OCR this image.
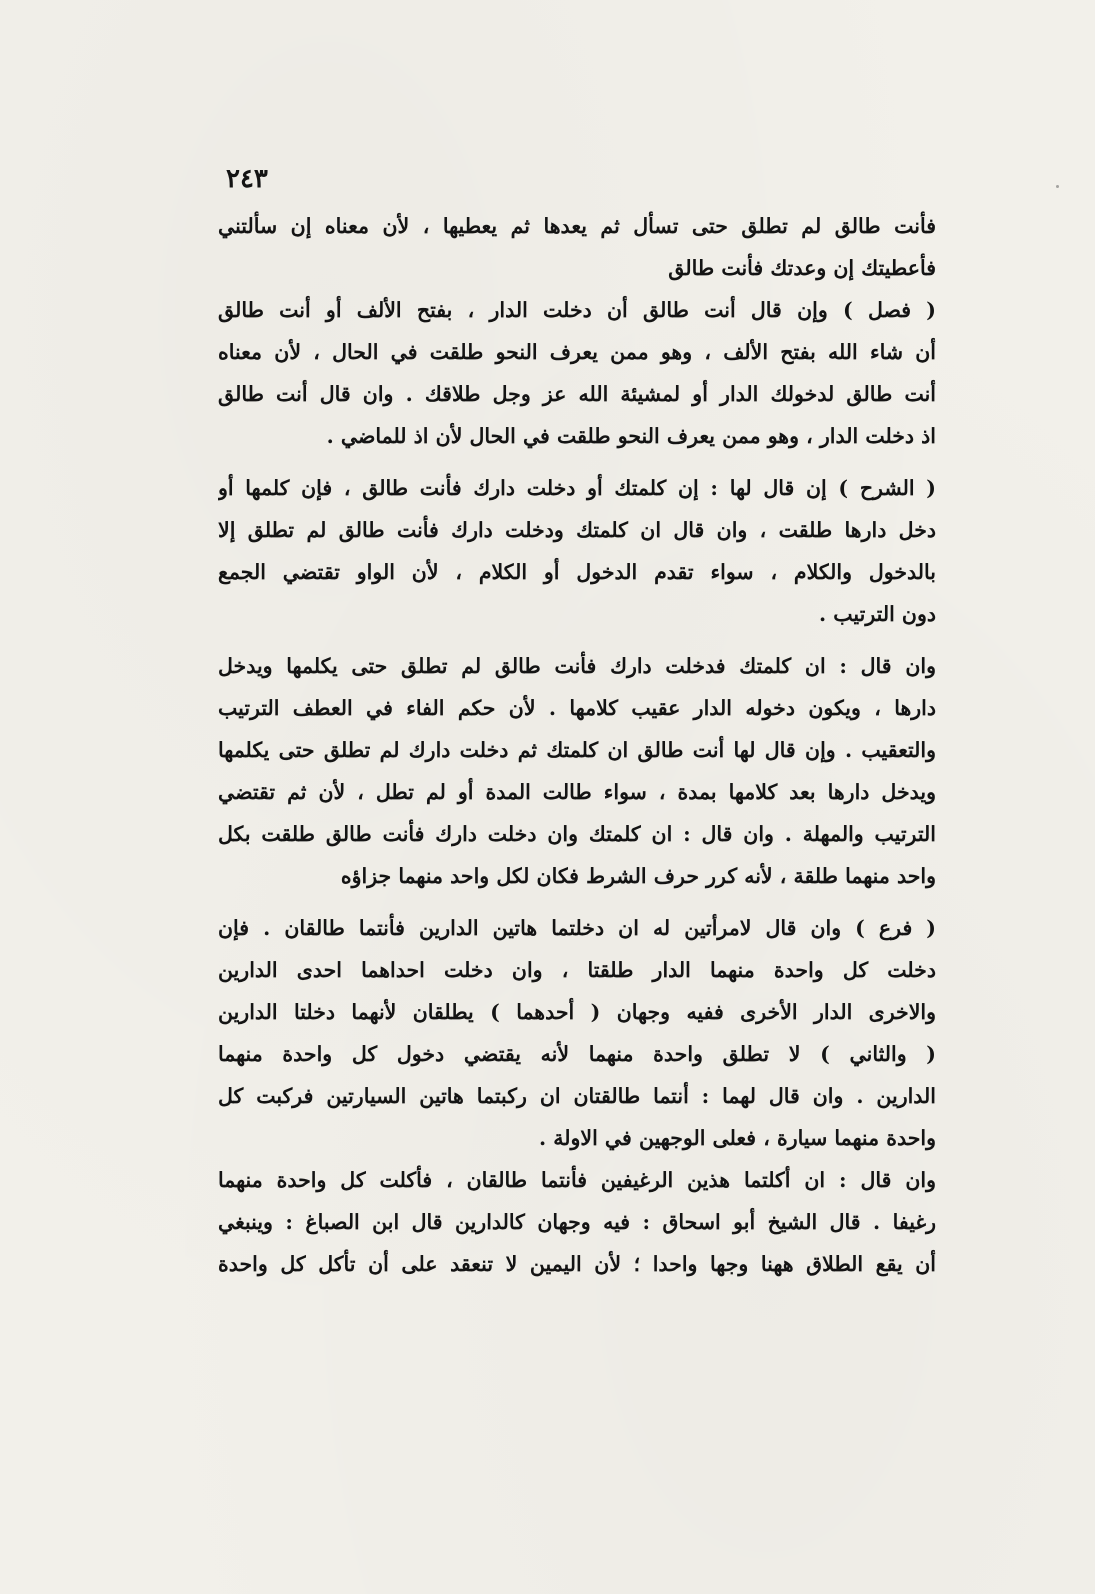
٢٤٣
فأنت طالق لم تطلق حتى تسأل ثم يعدها ثم يعطيها ، لأن معناه إن سألتني
فأعطيتك إن وعدتك فأنت طالق
( فصل ) وإن قال أنت طالق أن دخلت الدار ، بفتح الألف أو أنت طالق
أن شاء الله بفتح الألف ، وهو ممن يعرف النحو طلقت في الحال ، لأن معناه
أنت طالق لدخولك الدار أو لمشيئة الله عز وجل طلاقك . وان قال أنت طالق
اذ دخلت الدار ، وهو ممن يعرف النحو طلقت في الحال لأن اذ للماضي .
( الشرح ) إن قال لها : إن كلمتك أو دخلت دارك فأنت طالق ، فإن كلمها أو
دخل دارها طلقت ، وان قال ان كلمتك ودخلت دارك فأنت طالق لم تطلق إلا
بالدخول والكلام ، سواء تقدم الدخول أو الكلام ، لأن الواو تقتضي الجمع
دون الترتيب .
وان قال : ان كلمتك فدخلت دارك فأنت طالق لم تطلق حتى يكلمها ويدخل
دارها ، ويكون دخوله الدار عقيب كلامها . لأن حكم الفاء في العطف الترتيب
والتعقيب . وإن قال لها أنت طالق ان كلمتك ثم دخلت دارك لم تطلق حتى يكلمها
ويدخل دارها بعد كلامها بمدة ، سواء طالت المدة أو لم تطل ، لأن ثم تقتضي
الترتيب والمهلة . وان قال : ان كلمتك وان دخلت دارك فأنت طالق طلقت بكل
واحد منهما طلقة ، لأنه كرر حرف الشرط فكان لكل واحد منهما جزاؤه
( فرع ) وان قال لامرأتين له ان دخلتما هاتين الدارين فأنتما طالقان . فإن
دخلت كل واحدة منهما الدار طلقتا ، وان دخلت احداهما احدى الدارين
والاخرى الدار الأخرى ففيه وجهان ( أحدهما ) يطلقان لأنهما دخلتا الدارين
( والثاني ) لا تطلق واحدة منهما لأنه يقتضي دخول كل واحدة منهما
الدارين . وان قال لهما : أنتما طالقتان ان ركبتما هاتين السيارتين فركبت كل
واحدة منهما سيارة ، فعلى الوجهين في الاولة .
وان قال : ان أكلتما هذين الرغيفين فأنتما طالقان ، فأكلت كل واحدة منهما
رغيفا . قال الشيخ أبو اسحاق : فيه وجهان كالدارين قال ابن الصباغ : وينبغي
أن يقع الطلاق ههنا وجها واحدا ؛ لأن اليمين لا تنعقد على أن تأكل كل واحدة
